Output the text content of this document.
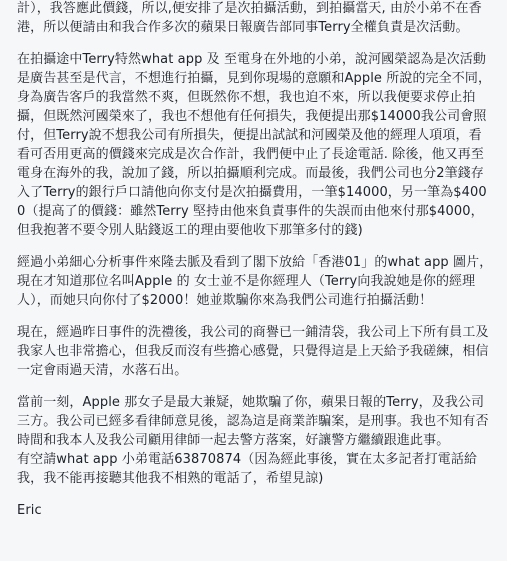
計），我答應此價錢，所以,便安排了是次拍攝活動，到拍攝當天, 由於小弟不在香港，所以便請由和我合作多次的蘋果日報廣告部同事Terry全權負責是次活動。

在拍攝途中Terry特然what app 及 至電身在外地的小弟，說河國榮認為是次活動是廣告甚至是代言，不想進行拍攝，見到你現場的意願和Apple 所說的完全不同，身為廣告客戶的我當然不爽，但既然你不想，我也迫不來，所以我便要求停止拍攝，但既然河國榮來了，我也不想他有任何損失，我便提出那$14000我公司會照付，但Terry說不想我公司有所損失，便提出試試和河國榮及他的經理人項項，看看可否用更高的價錢來完成是次合作計，我們便中止了長途電話. 除後，他又再至電身在海外的我，說加了錢，所以拍攝順利完成。而最後，我們公司也分2筆錢存入了Terry的銀行戶口請他向你支付是次拍攝費用，一筆$14000，另一筆為$4000（提高了的價錢：雖然Terry 堅持由他來負責事件的失誤而由他來付那$4000，但我抱著不要令別人貼錢返工的理由要他收下那筆多付的錢)

經過小弟細心分析事件來隆去脈及看到了閣下放給「香港01」的what app 圖片，現在才知道那位名叫Apple 的 女士並不是你經理人（Terry向我說她是你的經理人），而她只向你付了$2000！她並欺騙你來為我們公司進行拍攝活動！

現在，經過昨日事件的洗禮後，我公司的商譽已一鋪清袋，我公司上下所有員工及我家人也非常擔心，但我反而沒有些擔心感覺，只覺得這是上天給予我磋練，相信一定會雨過天清，水落石出。

當前一刻，Apple 那女子是最大兼疑，她欺騙了你，蘋果日報的Terry，及我公司三方。我公司已經多看律師意見後，認為這是商業詐騙案，是刑事。我也不知有否時間和我本人及我公司顧用律師一起去警方落案，好讓警方繼續跟進此事。

有空請what app 小弟電話63870874（因為經此事後，實在太多記者打電話給我，我不能再接聽其他我不相熟的電話了，希望見諒)

Eric
